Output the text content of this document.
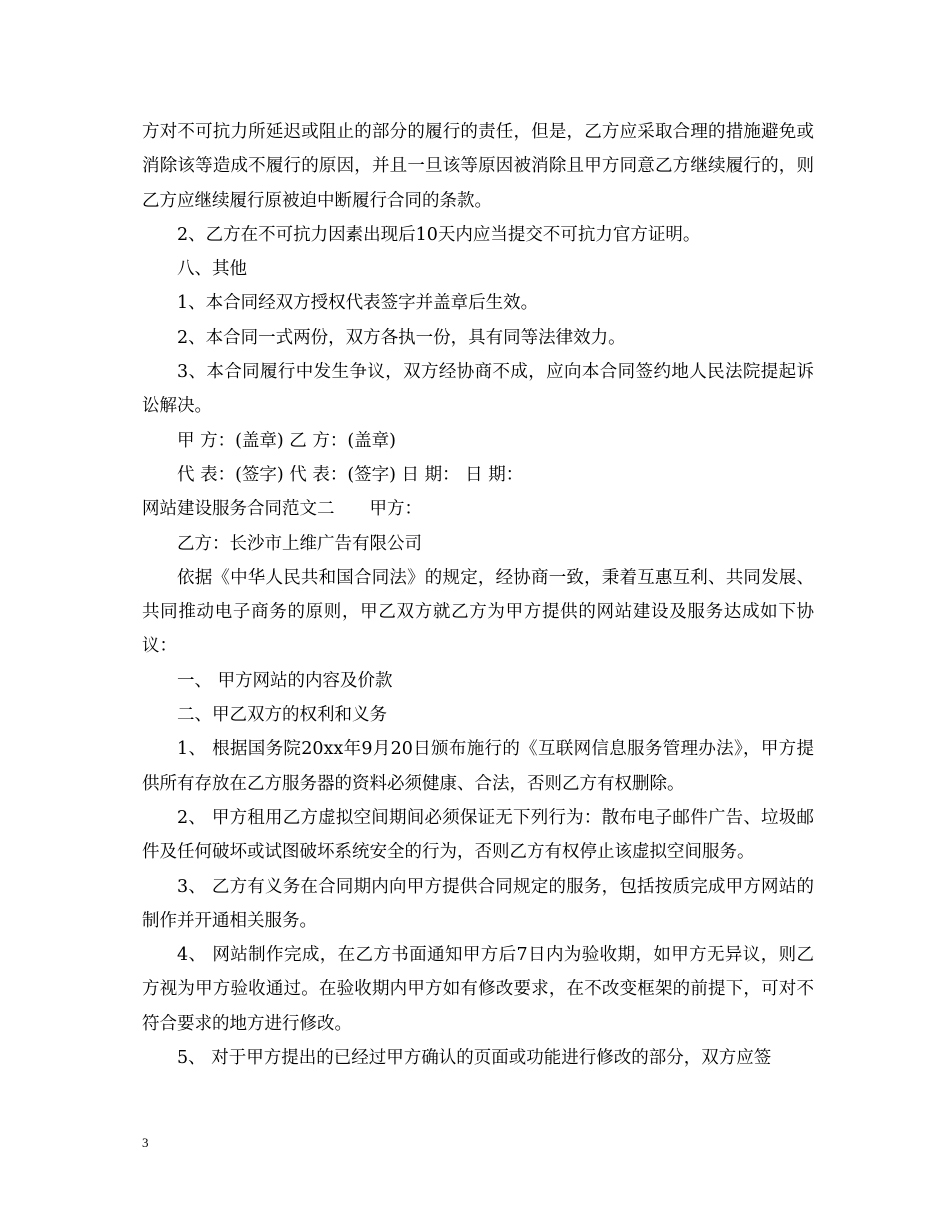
方对不可抗力所延迟或阻止的部分的履行的责任，但是，乙方应采取合理的措施避免或消除该等造成不履行的原因，并且一旦该等原因被消除且甲方同意乙方继续履行的，则乙方应继续履行原被迫中断履行合同的条款。

2、乙方在不可抗力因素出现后10天内应当提交不可抗力官方证明。

八、其他

1、本合同经双方授权代表签字并盖章后生效。

2、本合同一式两份，双方各执一份，具有同等法律效力。

3、本合同履行中发生争议，双方经协商不成，应向本合同签约地人民法院提起诉讼解决。

甲 方：(盖章) 乙 方：(盖章)

代 表：(签字) 代 表：(签字) 日 期： 日 期：

网站建设服务合同范文二　　甲方：

乙方：长沙市上维广告有限公司

依据《中华人民共和国合同法》的规定，经协商一致，秉着互惠互利、共同发展、共同推动电子商务的原则，甲乙双方就乙方为甲方提供的网站建设及服务达成如下协议：

一、 甲方网站的内容及价款

二、甲乙双方的权利和义务

1、 根据国务院20xx年9月20日颁布施行的《互联网信息服务管理办法》，甲方提供所有存放在乙方服务器的资料必须健康、合法，否则乙方有权删除。

2、 甲方租用乙方虚拟空间期间必须保证无下列行为：散布电子邮件广告、垃圾邮件及任何破坏或试图破坏系统安全的行为，否则乙方有权停止该虚拟空间服务。

3、 乙方有义务在合同期内向甲方提供合同规定的服务，包括按质完成甲方网站的制作并开通相关服务。

4、 网站制作完成，在乙方书面通知甲方后7日内为验收期，如甲方无异议，则乙方视为甲方验收通过。在验收期内甲方如有修改要求，在不改变框架的前提下，可对不符合要求的地方进行修改。

5、 对于甲方提出的已经过甲方确认的页面或功能进行修改的部分，双方应签

3
